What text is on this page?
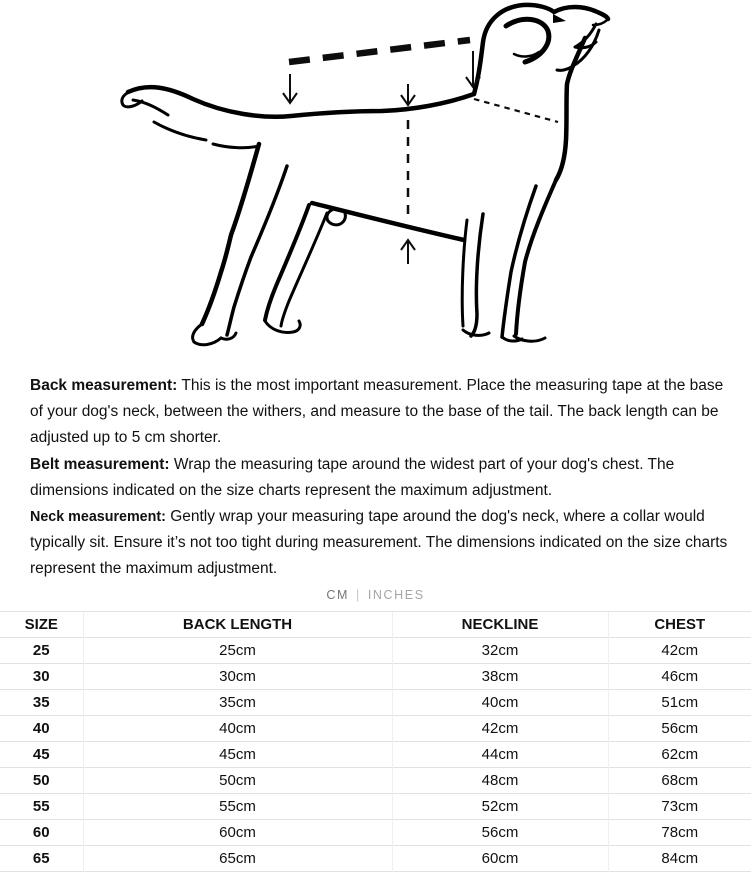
Back measurement: This is the most important measurement. Place the measuring tape at the base of your dog's neck, between the withers, and measure to the base of the tail. The back length can be adjusted up to 5 cm shorter.

Belt measurement: Wrap the measuring tape around the widest part of your dog's chest. The dimensions indicated on the size charts represent the maximum adjustment.

Neck measurement: Gently wrap your measuring tape around the dog's neck, where a collar would typically sit. Ensure it’s not too tight during measurement. The dimensions indicated on the size charts represent the maximum adjustment.

CM | INCHES
SIZE	BACK LENGTH	NECKLINE	CHEST
25	25cm	32cm	42cm
30	30cm	38cm	46cm
35	35cm	40cm	51cm
40	40cm	42cm	56cm
45	45cm	44cm	62cm
50	50cm	48cm	68cm
55	55cm	52cm	73cm
60	60cm	56cm	78cm
65	65cm	60cm	84cm
